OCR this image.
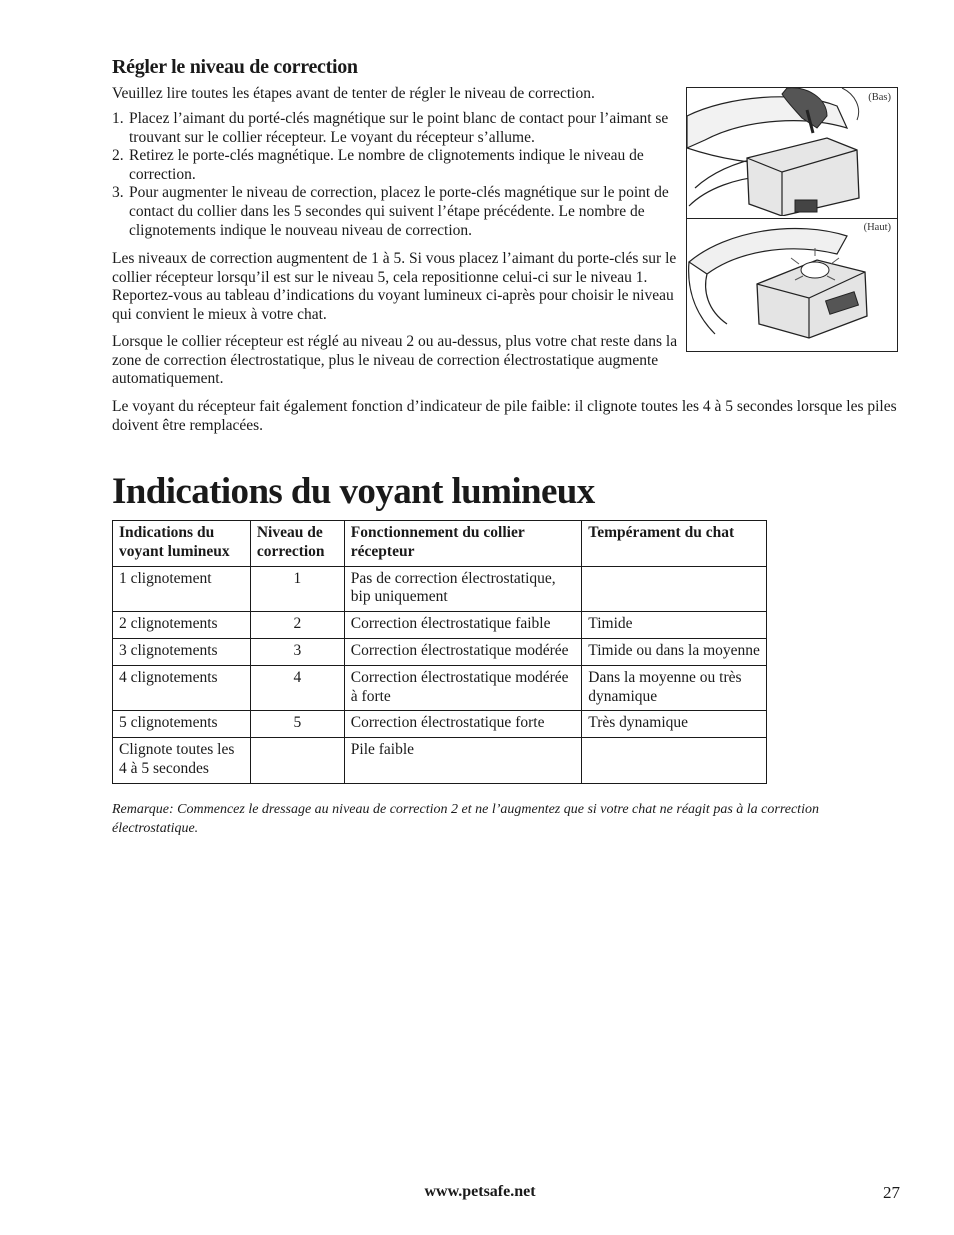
Régler le niveau de correction
Veuillez lire toutes les étapes avant de tenter de régler le niveau de correction.
1. Placez l’aimant du porté-clés magnétique sur le point blanc de contact pour l’aimant se trouvant sur le collier récepteur. Le voyant du récepteur s’allume.
2. Retirez le porte-clés magnétique. Le nombre de clignotements indique le niveau de correction.
3. Pour augmenter le niveau de correction, placez le porte-clés magnétique sur le point de contact du collier dans les 5 secondes qui suivent l’étape précédente. Le nombre de clignotements indique le nouveau niveau de correction.
Les niveaux de correction augmentent de 1 à 5. Si vous placez l’aimant du porte-clés sur le collier récepteur lorsqu’il est sur le niveau 5, cela repositionne celui-ci sur le niveau 1. Reportez-vous au tableau d’indications du voyant lumineux ci-après pour choisir le niveau qui convient le mieux à votre chat.
Lorsque le collier récepteur est réglé au niveau 2 ou au-dessus, plus votre chat reste dans la zone de correction électrostatique, plus le niveau de correction électrostatique augmente automatiquement.
Le voyant du récepteur fait également fonction d’indicateur de pile faible: il clignote toutes les 4 à 5 secondes lorsque les piles doivent être remplacées.
(Bas)
(Haut)
Indications du voyant lumineux
Indications du voyant lumineux	Niveau de correction	Fonctionnement du collier récepteur	Tempérament du chat
1 clignotement	1	Pas de correction électrostatique, bip uniquement	
2 clignotements	2	Correction électrostatique faible	Timide
3 clignotements	3	Correction électrostatique modérée	Timide ou dans la moyenne
4 clignotements	4	Correction électrostatique modérée à forte	Dans la moyenne ou très dynamique
5 clignotements	5	Correction électrostatique forte	Très dynamique
Clignote toutes les 4 à 5 secondes		Pile faible	
Remarque: Commencez le dressage au niveau de correction 2 et ne l’augmentez que si votre chat ne réagit pas à la correction électrostatique.
www.petsafe.net	27
